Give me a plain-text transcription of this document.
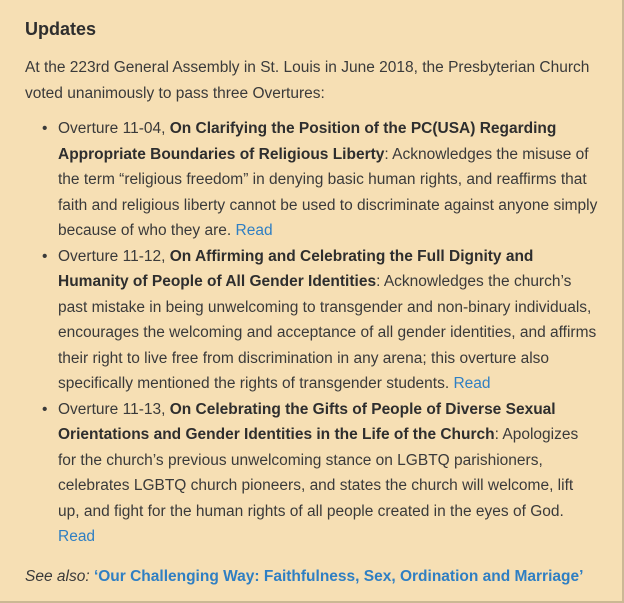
Updates

At the 223rd General Assembly in St. Louis in June 2018, the Presbyterian Church voted unanimously to pass three Overtures:

• Overture 11-04, On Clarifying the Position of the PC(USA) Regarding Appropriate Boundaries of Religious Liberty: Acknowledges the misuse of the term “religious freedom” in denying basic human rights, and reaffirms that faith and religious liberty cannot be used to discriminate against anyone simply because of who they are. Read
• Overture 11-12, On Affirming and Celebrating the Full Dignity and Humanity of People of All Gender Identities: Acknowledges the church’s past mistake in being unwelcoming to transgender and non-binary individuals, encourages the welcoming and acceptance of all gender identities, and affirms their right to live free from discrimination in any arena; this overture also specifically mentioned the rights of transgender students. Read
• Overture 11-13, On Celebrating the Gifts of People of Diverse Sexual Orientations and Gender Identities in the Life of the Church: Apologizes for the church’s previous unwelcoming stance on LGBTQ parishioners, celebrates LGBTQ church pioneers, and states the church will welcome, lift up, and fight for the human rights of all people created in the eyes of God. Read

See also: ‘Our Challenging Way: Faithfulness, Sex, Ordination and Marriage’
